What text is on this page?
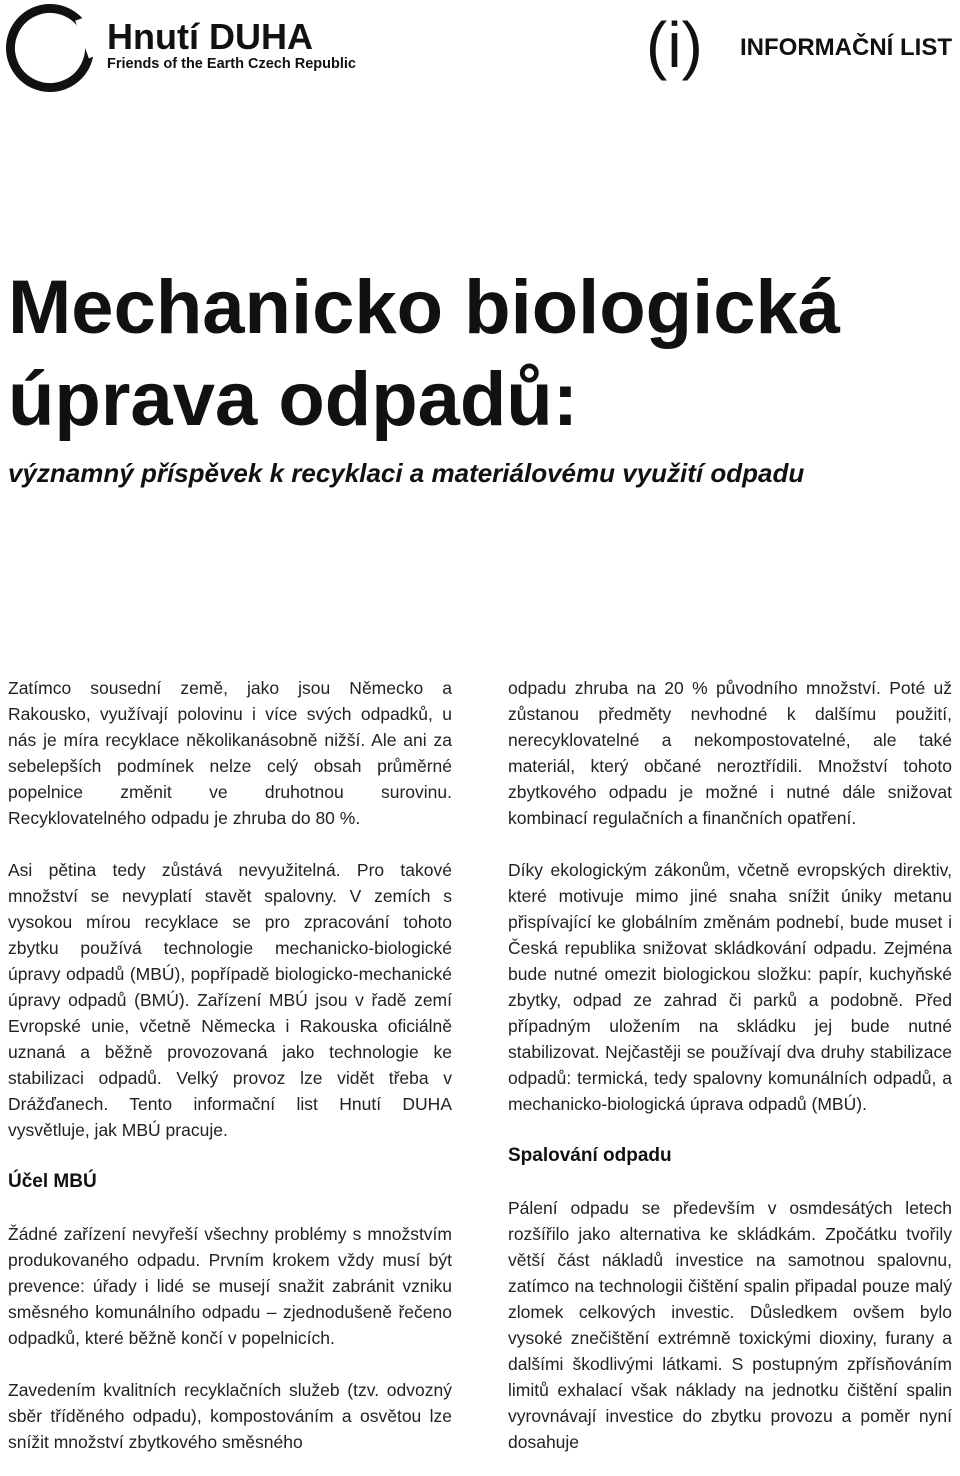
Hnutí DUHA
Friends of the Earth Czech Republic	(i) INFORMAČNÍ LIST
Mechanicko biologická
úprava odpadů:
významný příspěvek k recyklaci a materiálovému využití odpadu

Zatímco sousední země, jako jsou Německo a Rakousko, využívají polovinu i více svých odpadků, u nás je míra recyklace několikanásobně nižší. Ale ani za sebelepších podmínek nelze celý obsah průměrné popelnice změnit ve druhotnou surovinu. Recyklovatelného odpadu je zhruba do 80 %.

Asi pětina tedy zůstává nevyužitelná. Pro takové množství se nevyplatí stavět spalovny. V zemích s vysokou mírou recyklace se pro zpracování tohoto zbytku používá technologie mechanicko-biologické úpravy odpadů (MBÚ), popřípadě biologicko-mechanické úpravy odpadů (BMÚ). Zařízení MBÚ jsou v řadě zemí Evropské unie, včetně Německa i Rakouska oficiálně uznaná a běžně provozovaná jako technologie ke stabilizaci odpadů. Velký provoz lze vidět třeba v Drážďanech. Tento informační list Hnutí DUHA vysvětluje, jak MBÚ pracuje.

Účel MBÚ

Žádné zařízení nevyřeší všechny problémy s množstvím produkovaného odpadu. Prvním krokem vždy musí být prevence: úřady i lidé se musejí snažit zabránit vzniku směsného komunálního odpadu – zjednodušeně řečeno odpadků, které běžně končí v popelnicích.

Zavedením kvalitních recyklačních služeb (tzv. odvozný sběr tříděného odpadu), kompostováním a osvětou lze snížit množství zbytkového směsného

odpadu zhruba na 20 % původního množství. Poté už zůstanou předměty nevhodné k dalšímu použití, nerecyklovatelné a nekompostovatelné, ale také materiál, který občané neroztřídili. Množství tohoto zbytkového odpadu je možné i nutné dále snižovat kombinací regulačních a finančních opatření.

Díky ekologickým zákonům, včetně evropských direktiv, které motivuje mimo jiné snaha snížit úniky metanu přispívající ke globálním změnám podnebí, bude muset i Česká republika snižovat skládkování odpadu. Zejména bude nutné omezit biologickou složku: papír, kuchyňské zbytky, odpad ze zahrad či parků a podobně. Před případným uložením na skládku jej bude nutné stabilizovat. Nejčastěji se používají dva druhy stabilizace odpadů: termická, tedy spalovny komunálních odpadů, a mechanicko-biologická úprava odpadů (MBÚ).

Spalování odpadu

Pálení odpadu se především v osmdesátých letech rozšířilo jako alternativa ke skládkám. Zpočátku tvořily větší část nákladů investice na samotnou spalovnu, zatímco na technologii čištění spalin připadal pouze malý zlomek celkových investic. Důsledkem ovšem bylo vysoké znečištění extrémně toxickými dioxiny, furany a dalšími škodlivými látkami. S postupným zpřísňováním limitů exhalací však náklady na jednotku čištění spalin vyrovnávají investice do zbytku provozu a poměr nyní dosahuje
